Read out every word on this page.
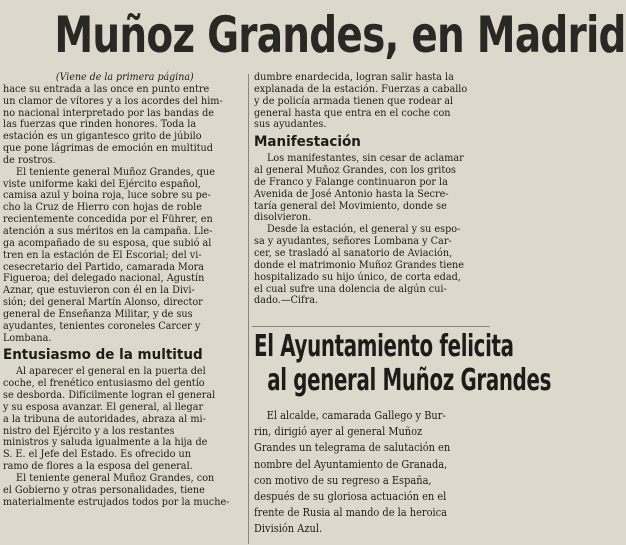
Muñoz Grandes, en Madrid

(Viene de la primera página)

hace su entrada a las once en punto entre
un clamor de vítores y a los acordes del him-
no nacional interpretado por las bandas de
las fuerzas que rinden honores. Toda la
estación es un gigantesco grito de júbilo
que pone lágrimas de emoción en multitud
de rostros.
El teniente general Muñoz Grandes, que
viste uniforme kaki del Ejército español,
camisa azul y boina roja, luce sobre su pe-
cho la Cruz de Hierro con hojas de roble
recientemente concedida por el Führer, en
atención a sus méritos en la campaña. Lle-
ga acompañado de su esposa, que subió al
tren en la estación de El Escorial; del vi-
cesecretario del Partido, camarada Mora
Figueroa; del delegado nacional, Agustín
Aznar, que estuvieron con él en la Divi-
sión; del general Martín Alonso, director
general de Enseñanza Militar, y de sus
ayudantes, tenientes coroneles Carcer y
Lombana.
Entusiasmo de la multitud
Al aparecer el general en la puerta del
coche, el frenético entusiasmo del gentío
se desborda. Difícilmente logran el general
y su esposa avanzar. El general, al llegar
a la tribuna de autoridades, abraza al mi-
nistro del Ejército y a los restantes
ministros y saluda igualmente a la hija de
S. E. el Jefe del Estado. Es ofrecido un
ramo de flores a la esposa del general.
El teniente general Muñoz Grandes, con
el Gobierno y otras personalidades, tiene
materialmente estrujados todos por la muche-
dumbre enardecida, logran salir hasta la
explanada de la estación. Fuerzas a caballo
y de policía armada tienen que rodear al
general hasta que entra en el coche con
sus ayudantes.
Manifestación
Los manifestantes, sin cesar de aclamar
al general Muñoz Grandes, con los gritos
de Franco y Falange continuaron por la
Avenida de José Antonio hasta la Secre-
taría general del Movimiento, donde se
disolvieron.
Desde la estación, el general y su espo-
sa y ayudantes, señores Lombana y Car-
cer, se trasladó al sanatorio de Aviación,
donde el matrimonio Muñoz Grandes tiene
hospitalizado su hijo único, de corta edad,
el cual sufre una dolencia de algún cui-
dado.—Cifra.
El Ayuntamiento felicita
al general Muñoz Grandes
El alcalde, camarada Gallego y Bur-
rin, dirigió ayer al general Muñoz
Grandes un telegrama de salutación en
nombre del Ayuntamiento de Granada,
con motivo de su regreso a España,
después de su gloriosa actuación en el
frente de Rusia al mando de la heroica
División Azul.
